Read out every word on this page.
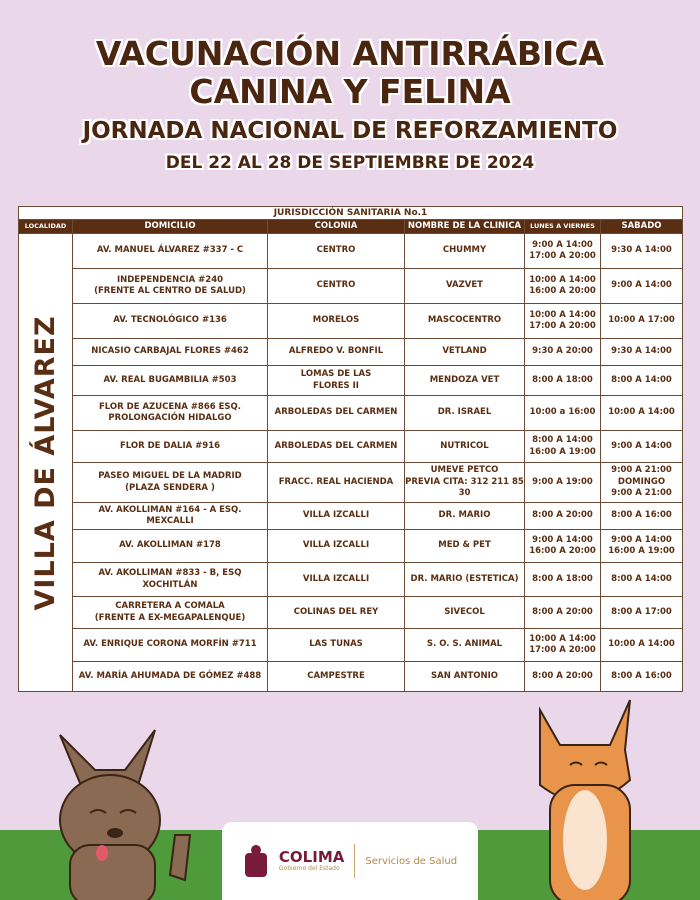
VACUNACIÓN ANTIRRÁBICA
CANINA Y FELINA
JORNADA NACIONAL DE REFORZAMIENTO
DEL 22 AL 28 DE SEPTIEMBRE DE 2024
JURISDICCIÓN SANITARIA No.1					
LOCALIDAD	DOMICILIO	COLONIA	NOMBRE DE LA CLINICA	LUNES A VIERNES	SABADO

VILLA DE ÁLVAREZ	AV. MANUEL ÁLVAREZ #337 - C	CENTRO	CHUMMY	9:00 A 14:00
17:00 A 20:00	9:30 A 14:00
	INDEPENDENCIA #240
(FRENTE AL CENTRO DE SALUD)	CENTRO	VAZVET	10:00 A 14:00
16:00 A 20:00	9:00 A 14:00
	AV. TECNOLÓGICO #136	MORELOS	MASCOCENTRO	10:00 A 14:00
17:00 A 20:00	10:00 A 17:00
	NICASIO CARBAJAL FLORES #462	ALFREDO V. BONFIL	VETLAND	9:30 A 20:00	9:30 A 14:00
	AV. REAL BUGAMBILIA #503	LOMAS DE LAS
FLORES II	MENDOZA VET	8:00 A 18:00	8:00 A 14:00
	FLOR DE AZUCENA #866 ESQ.
PROLONGACIÓN HIDALGO	ARBOLEDAS DEL CARMEN	DR. ISRAEL	10:00 a 16:00	10:00 A 14:00
	FLOR DE DALIA #916	ARBOLEDAS DEL CARMEN	NUTRICOL	8:00 A 14:00
16:00 A 19:00	9:00 A 14:00
	PASEO MIGUEL DE LA MADRID
(PLAZA SENDERA )	FRACC. REAL HACIENDA	UMEVE PETCO
PREVIA CITA: 312 211 85
30	9:00 A 19:00	9:00 A 21:00
DOMINGO
9:00 A 21:00
	AV. AKOLLIMAN #164 - A ESQ.
MEXCALLI	VILLA IZCALLI	DR. MARIO	8:00 A 20:00	8:00 A 16:00
	AV. AKOLLIMAN #178	VILLA IZCALLI	MED & PET	9:00 A 14:00
16:00 A 20:00	9:00 A 14:00
16:00 A 19:00
	AV. AKOLLIMAN #833 - B, ESQ
XOCHITLÁN	VILLA IZCALLI	DR. MARIO (ESTETICA)	8:00 A 18:00	8:00 A 14:00
	CARRETERA A COMALA
(FRENTE A EX-MEGAPALENQUE)	COLINAS DEL REY	SIVECOL	8:00 A 20:00	8:00 A 17:00
	AV. ENRIQUE CORONA MORFÍN #711	LAS TUNAS	S. O. S. ANIMAL	10:00 A 14:00
17:00 A 20:00	10:00 A 14:00
	AV. MARÍA AHUMADA DE GÓMEZ #488	CAMPESTRE	SAN ANTONIO	8:00 A 20:00	8:00 A 16:00
COLIMA
Gobierno del Estado
Servicios de Salud
